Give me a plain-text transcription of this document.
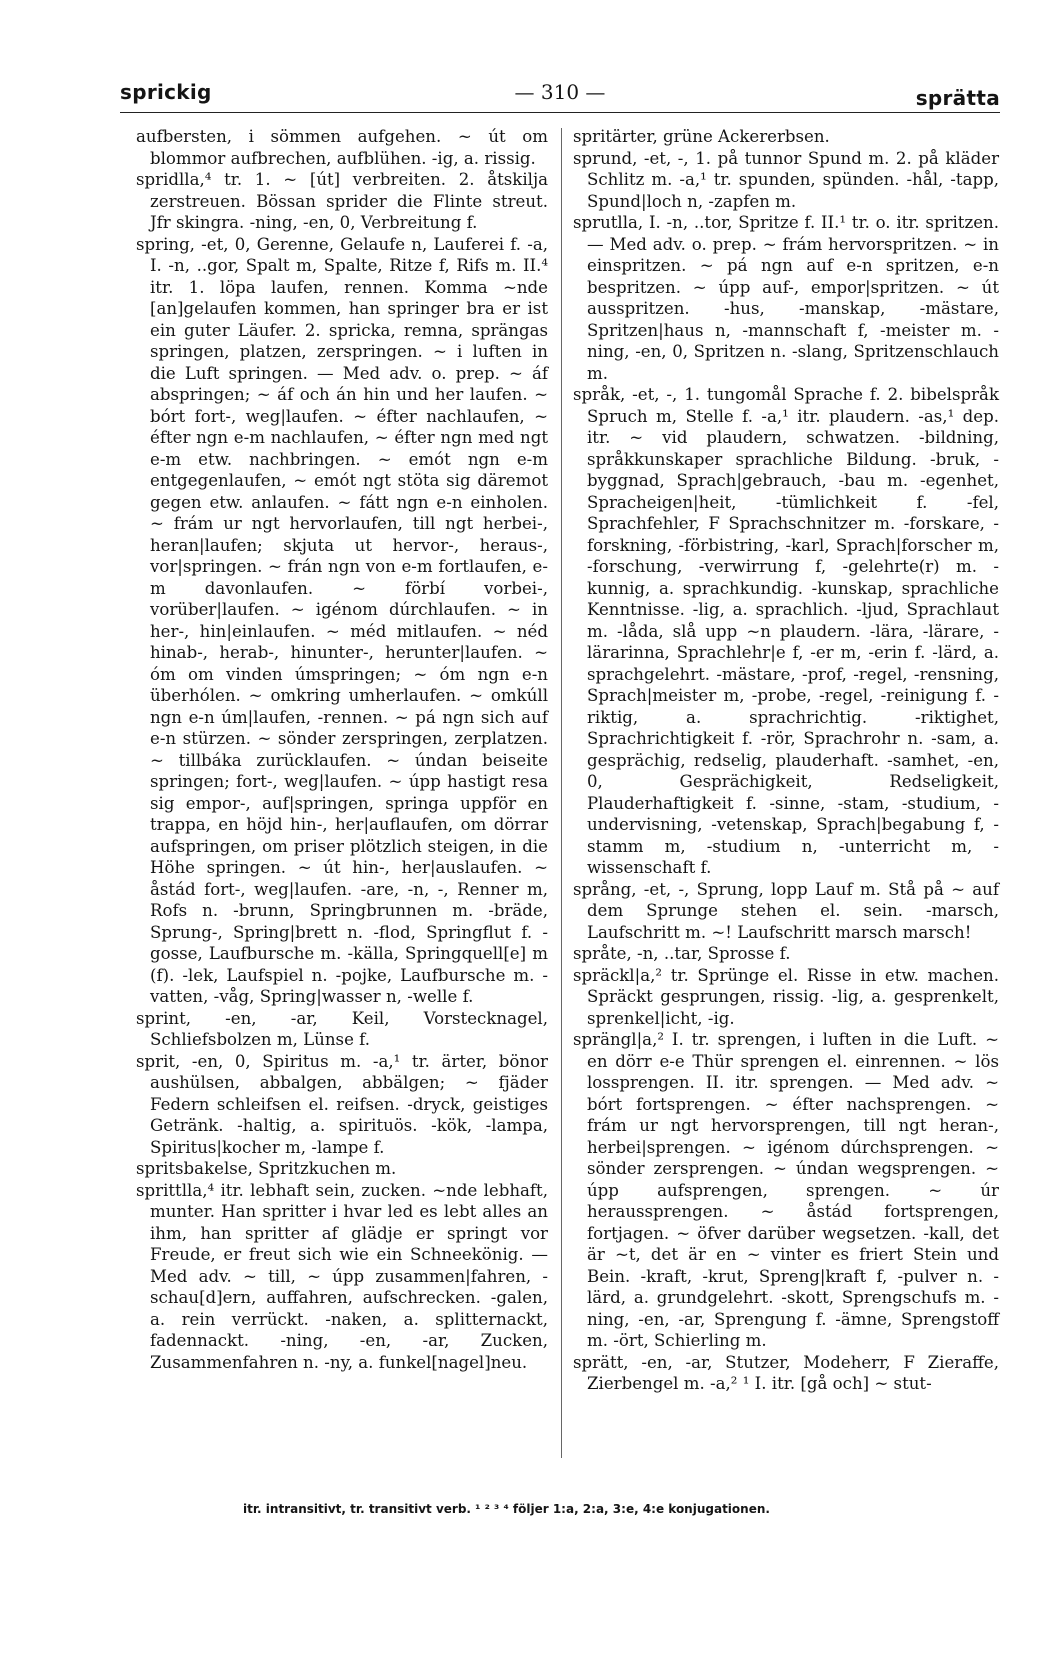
sprickig	— 310 —	sprätta

aufbersten, i sömmen aufgehen. ~ út om blommor aufbrechen, aufblühen. -ig, a. rissig.

spridlla,⁴ tr. 1. ~ [út] verbreiten. 2. åtskilja zerstreuen. Bössan sprider die Flinte streut. Jfr skingra. -ning, -en, 0, Verbreitung f.

spring, -et, 0, Gerenne, Gelaufe n, Lauferei f. -a, I. -n, ..gor, Spalt m, Spalte, Ritze f, Rifs m. II.⁴ itr. 1. löpa laufen, rennen. Komma ~nde [an]gelaufen kommen, han springer bra er ist ein guter Läufer. 2. spricka, remna, sprängas springen, platzen, zerspringen. ~ i luften in die Luft springen. — Med adv. o. prep. ~ áf abspringen; ~ áf och án hin und her laufen. ~ bórt fort-, weg|laufen. ~ éfter nachlaufen, ~ éfter ngn e-m nachlaufen, ~ éfter ngn med ngt e-m etw. nachbringen. ~ emót ngn e-m entgegenlaufen, ~ emót ngt stöta sig däremot gegen etw. anlaufen. ~ fátt ngn e-n einholen. ~ frám ur ngt hervorlaufen, till ngt herbei-, heran|laufen; skjuta ut hervor-, heraus-, vor|springen. ~ frán ngn von e-m fortlaufen, e-m davonlaufen. ~ förbí vorbei-, vorüber|laufen. ~ igénom dúrchlaufen. ~ in her-, hin|einlaufen. ~ méd mitlaufen. ~ néd hinab-, herab-, hinunter-, herunter|laufen. ~ óm om vinden úmspringen; ~ óm ngn e-n überhólen. ~ omkring umherlaufen. ~ omkúll ngn e-n úm|laufen, -rennen. ~ pá ngn sich auf e-n stürzen. ~ sönder zerspringen, zerplatzen. ~ tillbáka zurücklaufen. ~ úndan beiseite springen; fort-, weg|laufen. ~ úpp hastigt resa sig empor-, auf|springen, springa uppför en trappa, en höjd hin-, her|auflaufen, om dörrar aufspringen, om priser plötzlich steigen, in die Höhe springen. ~ út hin-, her|auslaufen. ~ åstád fort-, weg|laufen. -are, -n, -, Renner m, Rofs n. -brunn, Springbrunnen m. -bräde, Sprung-, Spring|brett n. -flod, Springflut f. -gosse, Laufbursche m. -källa, Springquell[e] m (f). -lek, Laufspiel n. -pojke, Laufbursche m. -vatten, -våg, Spring|wasser n, -welle f.

sprint, -en, -ar, Keil, Vorstecknagel, Schliefsbolzen m, Lünse f.

sprit, -en, 0, Spiritus m. -a,¹ tr. ärter, bönor aushülsen, abbalgen, abbälgen; ~ fjäder Federn schleifsen el. reifsen. -dryck, geistiges Getränk. -haltig, a. spirituös. -kök, -lampa, Spiritus|kocher m, -lampe f.

spritsbakelse, Spritzkuchen m.

sprittlla,⁴ itr. lebhaft sein, zucken. ~nde lebhaft, munter. Han spritter i hvar led es lebt alles an ihm, han spritter af glädje er springt vor Freude, er freut sich wie ein Schneekönig. — Med adv. ~ till, ~ úpp zusammen|fahren, -schau[d]ern, auffahren, aufschrecken. -galen, a. rein verrückt. -naken, a. splitternackt, fadennackt. -ning, -en, -ar, Zucken, Zusammenfahren n. -ny, a. funkel[nagel]neu.

spritärter, grüne Ackererbsen.

sprund, -et, -, 1. på tunnor Spund m. 2. på kläder Schlitz m. -a,¹ tr. spunden, spünden. -hål, -tapp, Spund|loch n, -zapfen m.

sprutlla, I. -n, ..tor, Spritze f. II.¹ tr. o. itr. spritzen. — Med adv. o. prep. ~ frám hervorspritzen. ~ in einspritzen. ~ pá ngn auf e-n spritzen, e-n bespritzen. ~ úpp auf-, empor|spritzen. ~ út ausspritzen. -hus, -manskap, -mästare, Spritzen|haus n, -mannschaft f, -meister m. -ning, -en, 0, Spritzen n. -slang, Spritzenschlauch m.

språk, -et, -, 1. tungomål Sprache f. 2. bibelspråk Spruch m, Stelle f. -a,¹ itr. plaudern. -as,¹ dep. itr. ~ vid plaudern, schwatzen. -bildning, språkkunskaper sprachliche Bildung. -bruk, -byggnad, Sprach|gebrauch, -bau m. -egenhet, Spracheigen|heit, -tümlichkeit f. -fel, Sprachfehler, F Sprachschnitzer m. -forskare, -forskning, -förbistring, -karl, Sprach|forscher m, -forschung, -verwirrung f, -gelehrte(r) m. -kunnig, a. sprachkundig. -kunskap, sprachliche Kenntnisse. -lig, a. sprachlich. -ljud, Sprachlaut m. -låda, slå upp ~n plaudern. -lära, -lärare, -lärarinna, Sprachlehr|e f, -er m, -erin f. -lärd, a. sprachgelehrt. -mästare, -prof, -regel, -rensning, Sprach|meister m, -probe, -regel, -reinigung f. -riktig, a. sprachrichtig. -riktighet, Sprachrichtigkeit f. -rör, Sprachrohr n. -sam, a. gesprächig, redselig, plauderhaft. -samhet, -en, 0, Gesprächigkeit, Redseligkeit, Plauderhaftigkeit f. -sinne, -stam, -studium, -undervisning, -vetenskap, Sprach|begabung f, -stamm m, -studium n, -unterricht m, -wissenschaft f.

språng, -et, -, Sprung, lopp Lauf m. Stå på ~ auf dem Sprunge stehen el. sein. -marsch, Laufschritt m. ~! Laufschritt marsch marsch!

språte, -n, ..tar, Sprosse f.

spräckl|a,² tr. Sprünge el. Risse in etw. machen. Spräckt gesprungen, rissig. -lig, a. gesprenkelt, sprenkel|icht, -ig.

sprängl|a,² I. tr. sprengen, i luften in die Luft. ~ en dörr e-e Thür sprengen el. einrennen. ~ lös lossprengen. II. itr. sprengen. — Med adv. ~ bórt fortsprengen. ~ éfter nachsprengen. ~ frám ur ngt hervorsprengen, till ngt heran-, herbei|sprengen. ~ igénom dúrchsprengen. ~ sönder zersprengen. ~ úndan wegsprengen. ~ úpp aufsprengen, sprengen. ~ úr heraussprengen. ~ åstád fortsprengen, fortjagen. ~ öfver darüber wegsetzen. -kall, det är ~t, det är en ~ vinter es friert Stein und Bein. -kraft, -krut, Spreng|kraft f, -pulver n. -lärd, a. grundgelehrt. -skott, Sprengschufs m. -ning, -en, -ar, Sprengung f. -ämne, Sprengstoff m. -ört, Schierling m.

sprätt, -en, -ar, Stutzer, Modeherr, F Zieraffe, Zierbengel m. -a,² ¹ I. itr. [gå och] ~ stut-

itr. intransitivt, tr. transitivt verb. ¹ ² ³ ⁴ följer 1:a, 2:a, 3:e, 4:e konjugationen.
